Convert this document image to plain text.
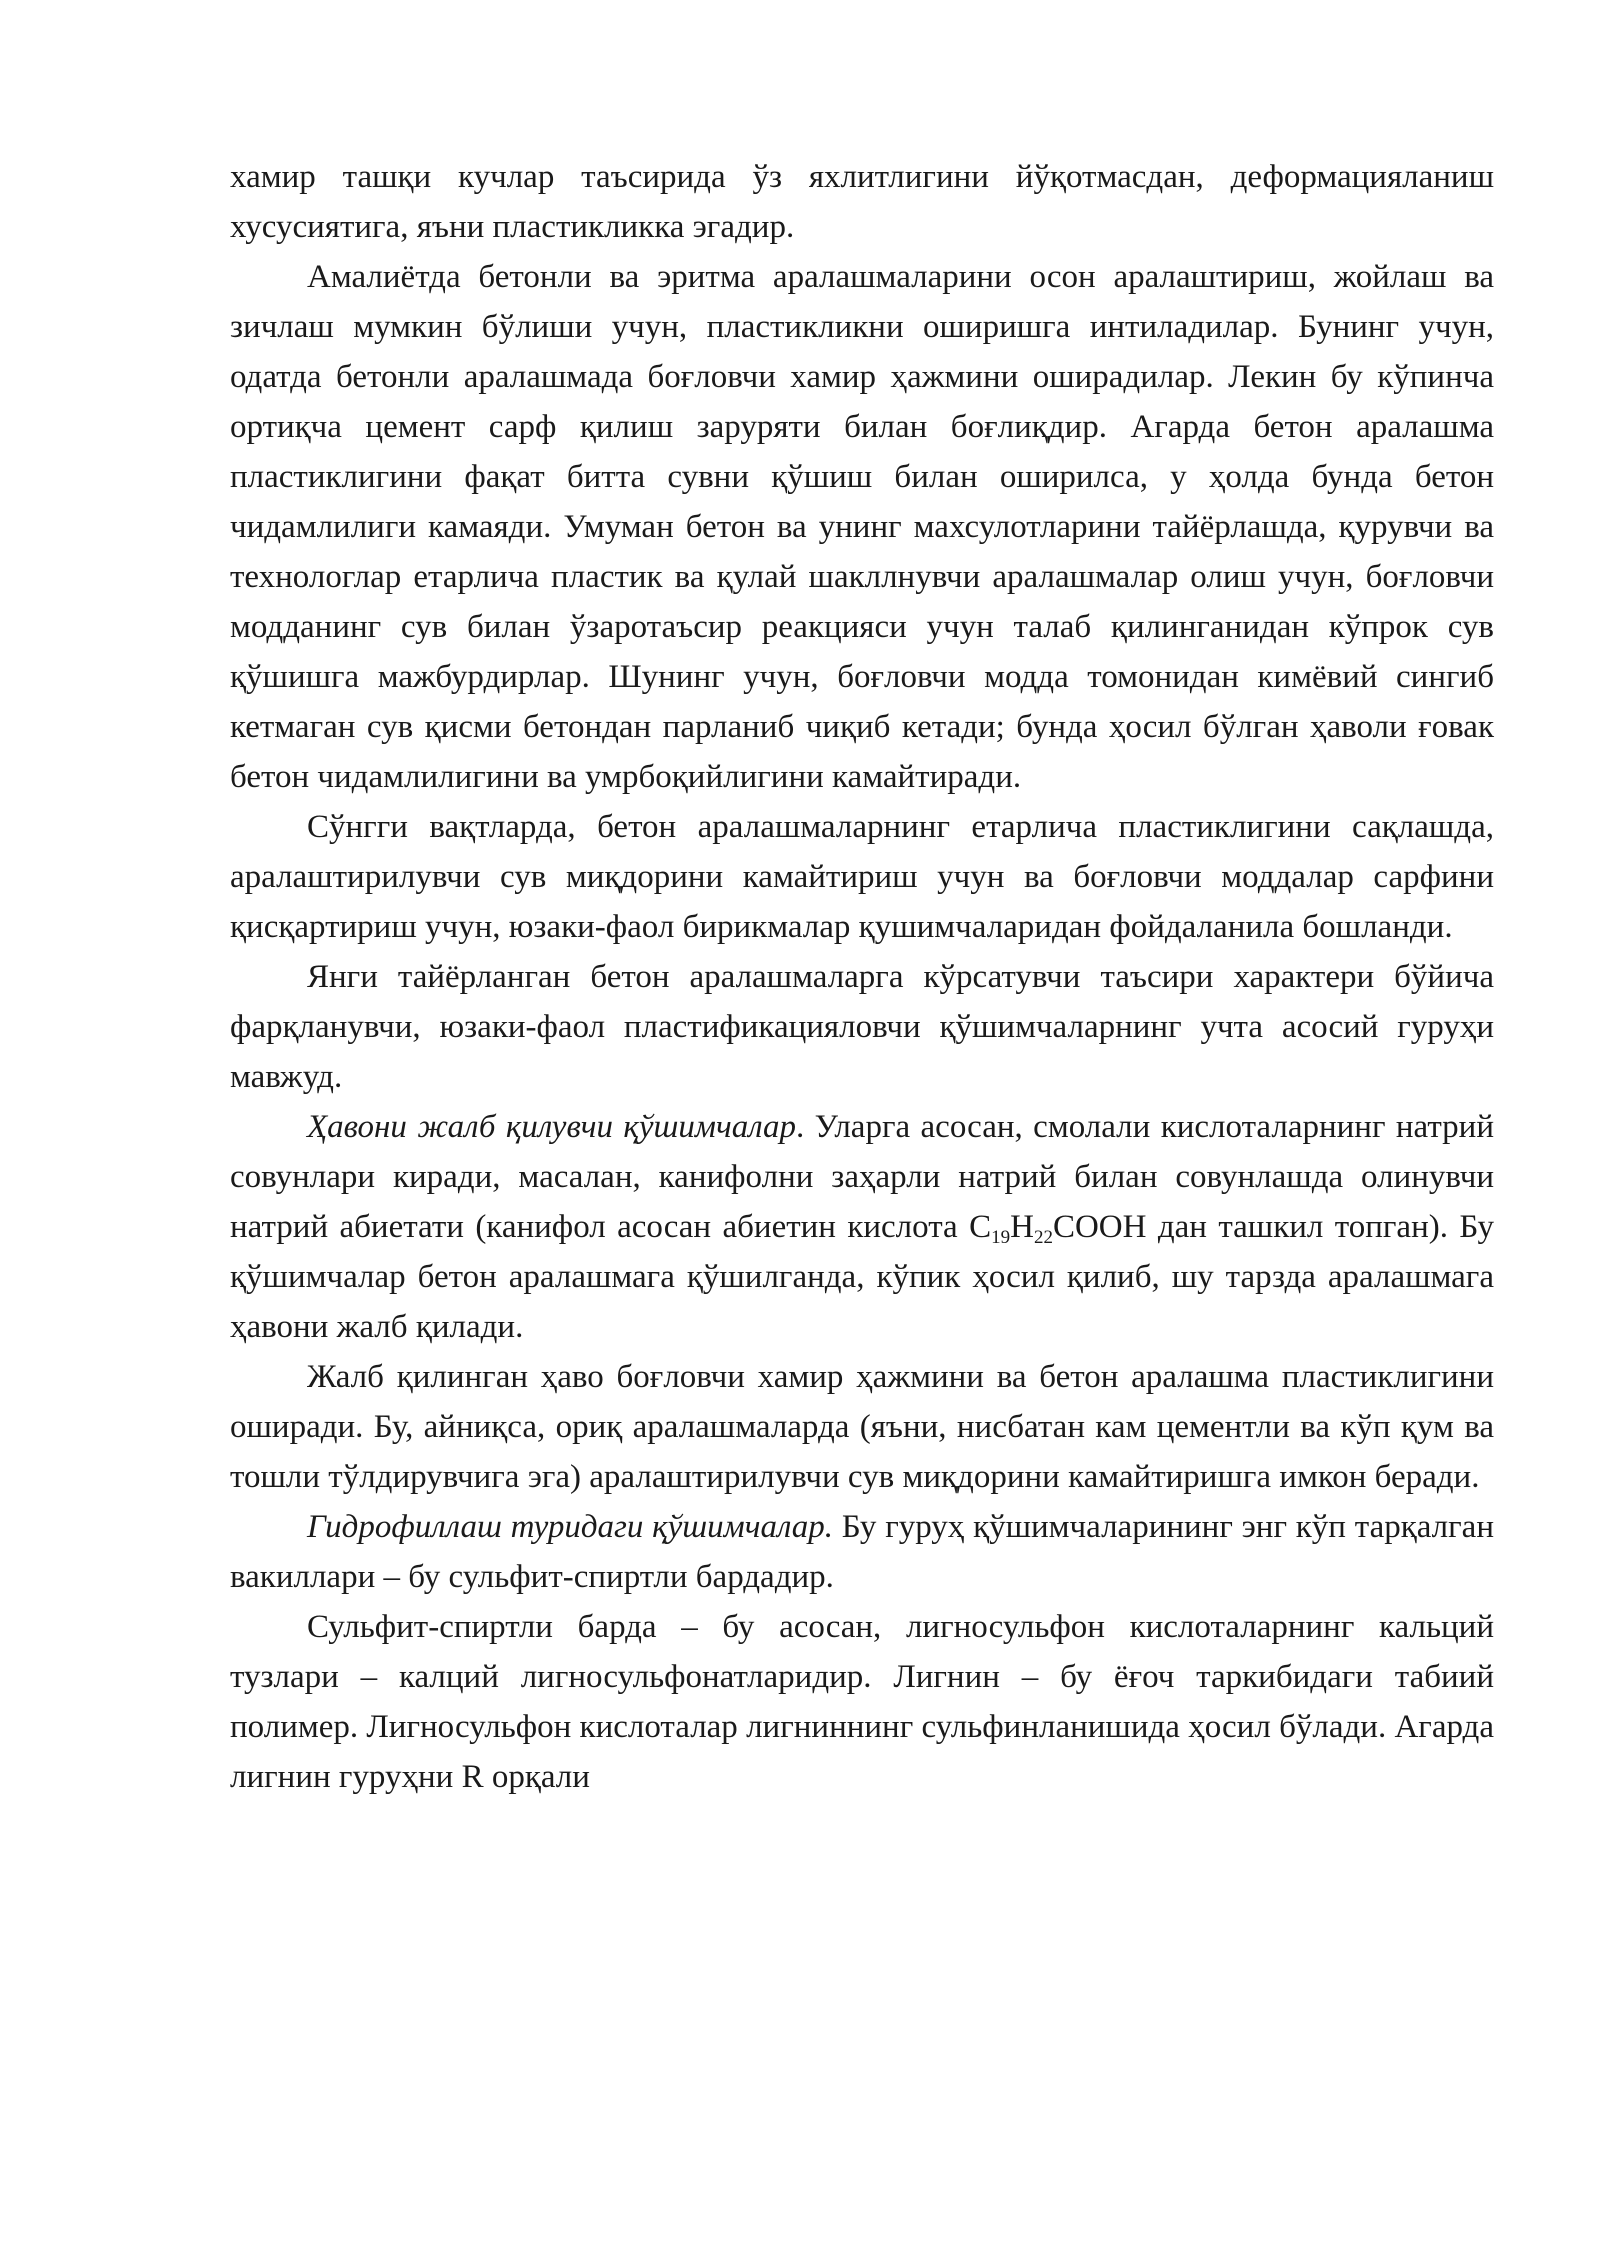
хамир ташқи кучлар таъсирида ўз яхлитлигини йўқотмасдан, деформацияланиш хусусиятига, яъни пластикликка эгадир.

Амалиётда бетонли ва эритма аралашмаларини осон аралаштириш, жойлаш ва зичлаш мумкин бўлиши учун, пластикликни оширишга интиладилар. Бунинг учун, одатда бетонли аралашмада боғловчи хамир ҳажмини оширадилар. Лекин бу кўпинча ортиқча цемент сарф қилиш заруряти билан боғлиқдир. Агарда бетон аралашма пластиклигини фақат битта сувни қўшиш билан оширилса, у ҳолда бунда бетон чидамлилиги камаяди. Умуман бетон ва унинг махсулотларини тайёрлашда, қурувчи ва технологлар етарлича пластик ва қулай шакллнувчи аралашмалар олиш учун, боғловчи модданинг сув билан ўзаротаъсир реакцияси учун талаб қилинганидан кўпрок сув қўшишга мажбурдирлар. Шунинг учун, боғловчи модда томонидан кимёвий сингиб кетмаган сув қисми бетондан парланиб чиқиб кетади; бунда ҳосил бўлган ҳаволи ғовак бетон чидамлилигини ва умрбоқийлигини камайтиради.

Сўнгги вақтларда, бетон аралашмаларнинг етарлича пластиклигини сақлашда, аралаштирилувчи сув миқдорини камайтириш учун ва боғловчи моддалар сарфини қисқартириш учун, юзаки-фаол бирикмалар қушимчаларидан фойдаланила бошланди.

Янги тайёрланган бетон аралашмаларга кўрсатувчи таъсири характери бўйича фарқланувчи, юзаки-фаол пластификацияловчи қўшимчаларнинг учта асосий гуруҳи мавжуд.

Ҳавони жалб қилувчи қўшимчалар. Уларга асосан, смолали кислоталарнинг натрий совунлари киради, масалан, канифолни заҳарли натрий билан совунлашда олинувчи натрий абиетати (канифол асосан абиетин кислота $C_{19}H_{22}COOH$ дан ташкил топган). Бу қўшимчалар бетон аралашмага қўшилганда, кўпик ҳосил қилиб, шу тарзда аралашмага ҳавони жалб қилади.

Жалб қилинган ҳаво боғловчи хамир ҳажмини ва бетон аралашма пластиклигини оширади. Бу, айниқса, ориқ аралашмаларда (яъни, нисбатан кам цементли ва кўп қум ва тошли тўлдирувчига эга) аралаштирилувчи сув миқдорини камайтиришга имкон беради.

Гидрофиллаш туридаги қўшимчалар. Бу гуруҳ қўшимчаларининг энг кўп тарқалган вакиллари – бу сульфит-спиртли бардадир.

Сульфит-спиртли барда – бу асосан, лигносульфон кислоталарнинг кальций тузлари – калций лигносульфонатларидир. Лигнин – бу ёғоч таркибидаги табиий полимер. Лигносульфон кислоталар лигниннинг сульфинланишида ҳосил бўлади. Агарда лигнин гуруҳни R орқали
